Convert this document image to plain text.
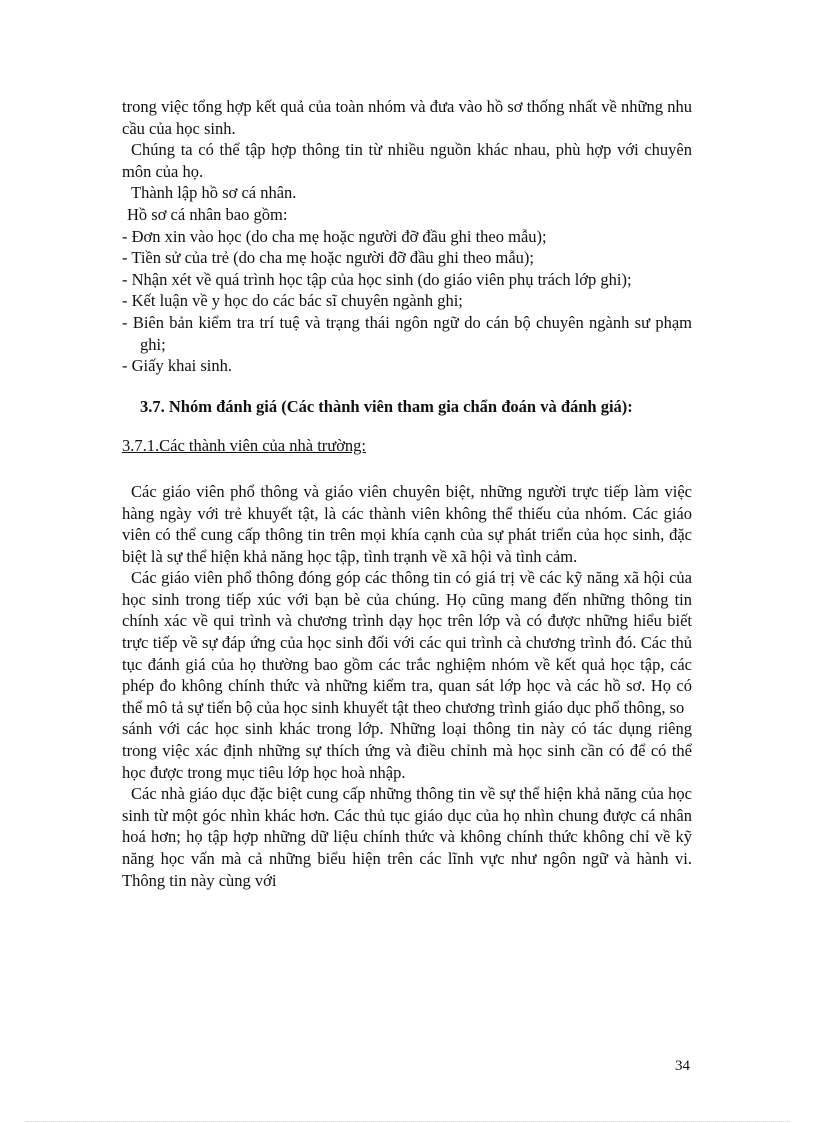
trong việc tổng hợp kết quả của toàn nhóm và đưa vào hồ sơ thống nhất về những nhu cầu của học sinh.

Chúng ta có thể tập hợp thông tin từ nhiều nguồn khác nhau, phù hợp với chuyên môn của họ.

Thành lập hồ sơ cá nhân.

Hồ sơ cá nhân bao gồm:

- Đơn xin vào học (do cha mẹ hoặc người đỡ đầu ghi theo mẫu);

- Tiền sử của trẻ (do cha mẹ hoặc người đỡ đầu ghi theo mẫu);

- Nhận xét về quá trình học tập của học sinh (do giáo viên phụ trách lớp ghi);

- Kết luận về y học do các bác sĩ chuyên ngành ghi;

- Biên bản kiểm tra trí tuệ và trạng thái ngôn ngữ do cán bộ chuyên ngành sư phạm ghi;

- Giấy khai sinh.

3.7. Nhóm đánh giá (Các thành viên tham gia chẩn đoán và đánh giá):

3.7.1.Các thành viên của nhà trường:

Các giáo viên phổ thông và giáo viên chuyên biệt, những người trực tiếp làm việc hàng ngày với trẻ khuyết tật, là các thành viên không thể thiếu của nhóm. Các giáo viên có thể cung cấp thông tin trên mọi khía cạnh của sự phát triển của học sinh, đặc biệt là sự thể hiện khả năng học tập, tình trạnh về xã hội và tình cảm.

Các giáo viên phổ thông đóng góp các thông tin có giá trị về các kỹ năng xã hội của học sinh trong tiếp xúc với bạn bè của chúng. Họ cũng mang đến những thông tin chính xác về qui trình và chương trình dạy học trên lớp và có được những hiểu biết trực tiếp về sự đáp ứng của học sinh đối với các qui trình cà chương trình đó. Các thủ tục đánh giá của họ thường bao gồm các trắc nghiệm nhóm về kết quả học tập, các phép đo không chính thức và những kiểm tra, quan sát lớp học và các hồ sơ. Họ có thể mô tả sự tiến bộ của học sinh khuyết tật theo chương trình giáo dục phổ thông, so

sánh với các học sinh khác trong lớp. Những loại thông tin này có tác dụng riêng trong việc xác định những sự thích ứng và điều chỉnh mà học sinh cần có để có thể học được trong mục tiêu lớp học hoà nhập.

Các nhà giáo dục đặc biệt cung cấp những thông tin về sự thể hiện khả năng của học sinh từ một góc nhìn khác hơn. Các thủ tục giáo dục của họ nhìn chung được cá nhân hoá hơn; họ tập hợp những dữ liệu chính thức và không chính thức không chỉ về kỹ năng học vấn mà cả những biểu hiện trên các lĩnh vực như ngôn ngữ và hành vi. Thông tin này cùng với

34
